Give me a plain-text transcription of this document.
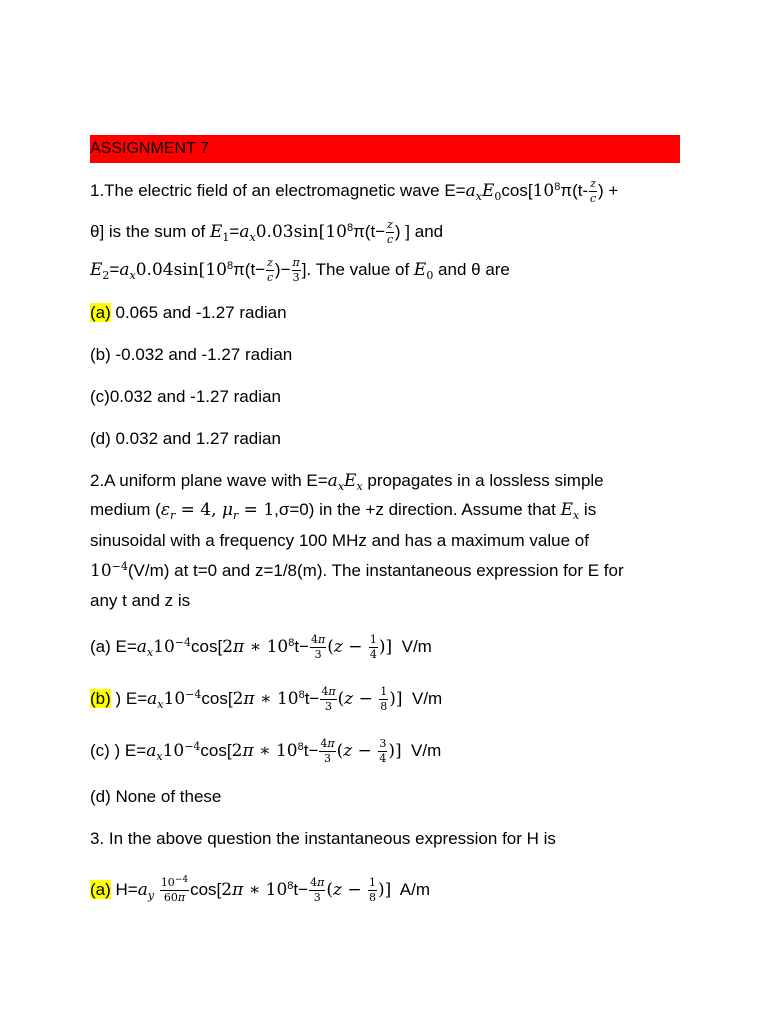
ASSIGNMENT 7
1.The electric field of an electromagnetic wave $E=a_xE_0\cos[10^8\pi(t- \frac{z}{c}$ ) +
θ] is the sum of $E_1=a_x0.03\sin[10^8\pi(t- \frac{z}{c}$ ) ] and
$E_2=a_x0.04\sin[10^8\pi(t- \frac{z}{c}$ )− $\frac{\pi}{3}$ ]. The value of $E_0$ and θ are
(a) 0.065 and -1.27 radian
(b) -0.032 and -1.27 radian
(c)0.032 and -1.27 radian
(d) 0.032 and 1.27 radian
2.A uniform plane wave with $E=a_xE_x$ propagates in a lossless simple
medium ($\varepsilon_r = 4$, $\mu_r = 1,\sigma=0$) in the +z direction. Assume that $E_x$ is
sinusoidal with a frequency 100 MHz and has a maximum value of
$10^{-4}(V/m)$ at t=0 and z=1/8(m). The instantaneous expression for E for
any t and z is
(a) $E=a_x10^{-4}\cos[2\pi$ ∗ $10^8t- \frac{4\pi}{3} (z - \frac{1}{4}$ )] V/m
(b) ) $E=a_x10^{-4}\cos[2\pi$ ∗ $10^8t- \frac{4\pi}{3} (z - \frac{1}{8}$ )] V/m
(c) ) $E=a_x10^{-4}\cos[2\pi$ ∗ $10^8t- \frac{4\pi}{3} (z - \frac{3}{4}$ )] V/m
(d) None of these
3. In the above question the instantaneous expression for H is
(a) $H=a_y \frac{10^{-4}}{60\pi} \cos[2\pi$ ∗ $10^8t- \frac{4\pi}{3} (z - \frac{1}{8}$ )] A/m
